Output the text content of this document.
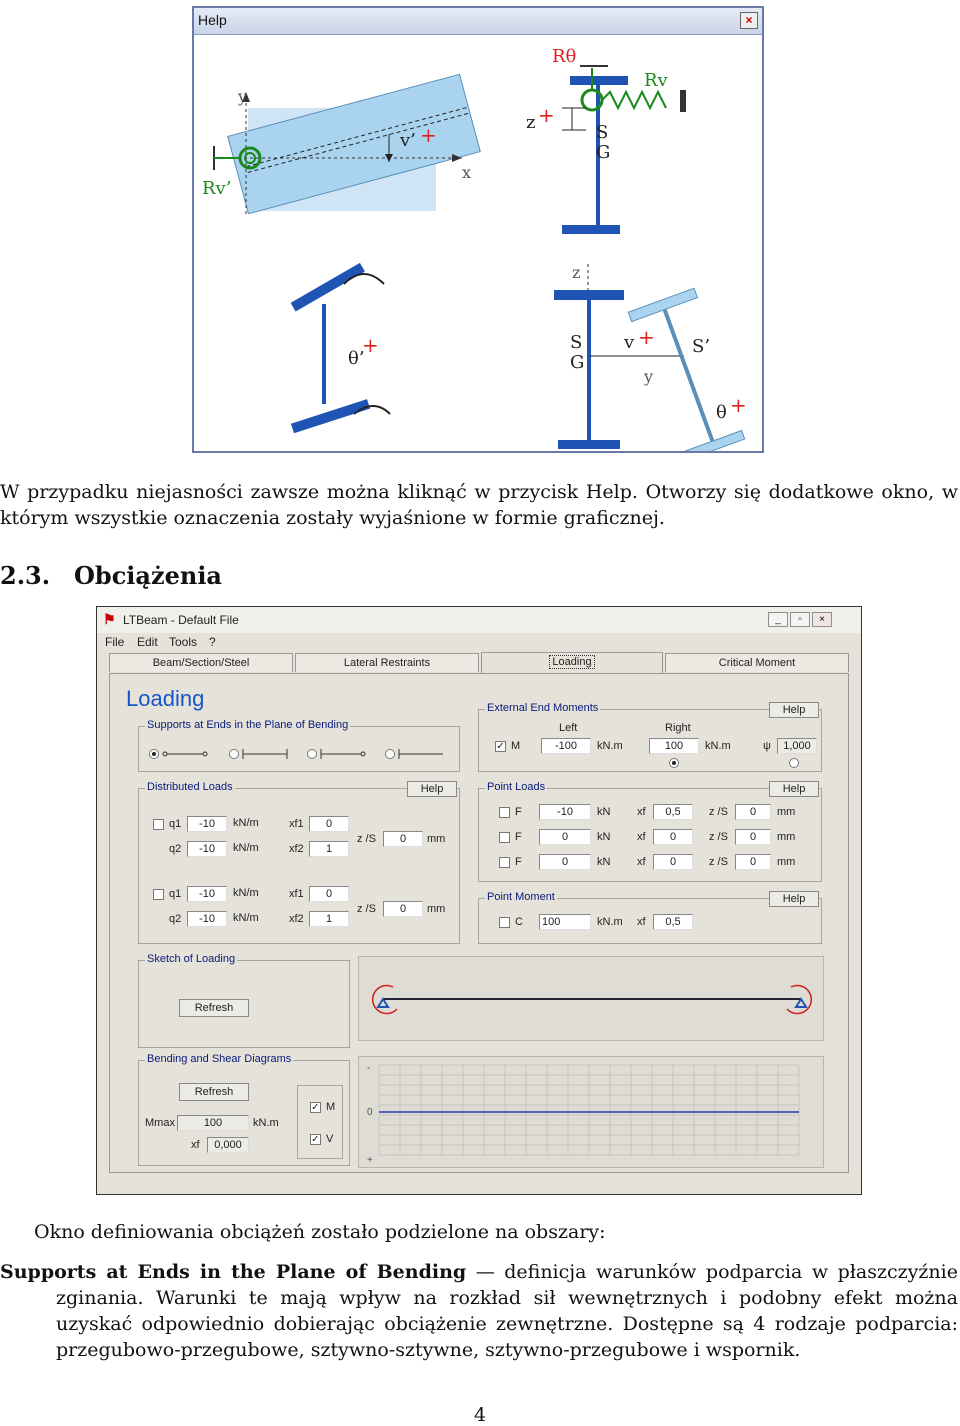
Help	×
y
x
v’ +
Rv’
Rθ
Rv
z +
S
G
θ’
+
z
S
G
v +
y
S’
θ +
W przypadku niejasności zawsze można kliknąć w przycisk Help. Otworzy się dodatkowe okno, w którym wszystkie oznaczenia zostały wyjaśnione w formie graficznej.
2.3. Obciążenia
⚑ LTBeam - Default File	_	▫	×
File Edit Tools ?
Beam/Section/Steel	Lateral Restraints	Loading	Critical Moment
Loading
Supports at Ends in the Plane of Bending
Distributed Loads	Help
q1	-10	kN/m	xf1	0
q2	-10	kN/m	xf2	1
z /S	0	mm
q1	-10	kN/m	xf1	0
q2	-10	kN/m	xf2	1
z /S	0	mm
External End Moments	Help
Left	Right
✓ M	-100	kN.m	100	kN.m	ψ	1,000
Point Loads	Help
F	-10	kN xf	0,5	z /S	0	mm
F	0	kN xf	0	z /S	0	mm
F	0	kN xf	0	z /S	0	mm
Point Moment	Help
C 100	kN.m xf	0,5
Sketch of Loading
Refresh
Bending and Shear Diagrams
Refresh
Mmax	100	kN.m
xf	0,000
✓ M
✓ V
-
0
+
Okno definiowania obciążeń zostało podzielone na obszary:
Supports at Ends in the Plane of Bending — definicja warunków podparcia w płaszczyźnie zginania. Warunki te mają wpływ na rozkład sił wewnętrznych i podobny efekt można uzyskać odpowiednio dobierając obciążenie zewnętrzne. Dostępne są 4 rodzaje podparcia: przegubowo-przegubowe, sztywno-sztywne, sztywno-przegubowe i wspornik.
4
